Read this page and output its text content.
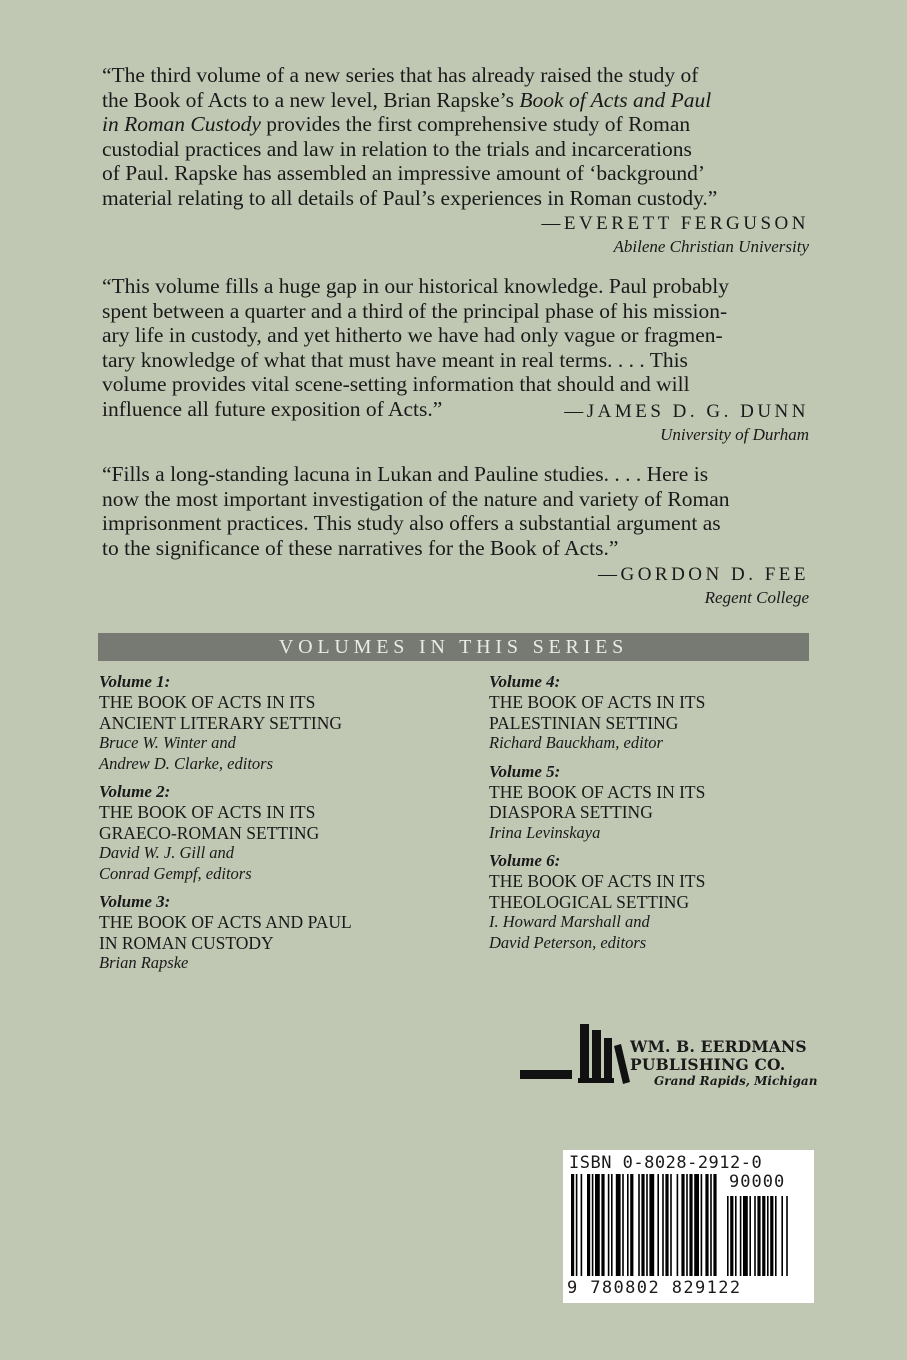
“The third volume of a new series that has already raised the study of
the Book of Acts to a new level, Brian Rapske’s Book of Acts and Paul
in Roman Custody provides the first comprehensive study of Roman
custodial practices and law in relation to the trials and incarcerations
of Paul. Rapske has assembled an impressive amount of ‘background’
material relating to all details of Paul’s experiences in Roman custody.”
—EVERETT FERGUSON
Abilene Christian University
“This volume fills a huge gap in our historical knowledge. Paul probably
spent between a quarter and a third of the principal phase of his mission-
ary life in custody, and yet hitherto we have had only vague or fragmen-
tary knowledge of what that must have meant in real terms. . . . This
volume provides vital scene-setting information that should and will
influence all future exposition of Acts.”	—JAMES D. G. DUNN
University of Durham
“Fills a long-standing lacuna in Lukan and Pauline studies. . . . Here is
now the most important investigation of the nature and variety of Roman
imprisonment practices. This study also offers a substantial argument as
to the significance of these narratives for the Book of Acts.”
—GORDON D. FEE
Regent College
VOLUMES IN THIS SERIES
Volume 1:
THE BOOK OF ACTS IN ITS
ANCIENT LITERARY SETTING
Bruce W. Winter and
Andrew D. Clarke, editors
Volume 2:
THE BOOK OF ACTS IN ITS
GRAECO-ROMAN SETTING
David W. J. Gill and
Conrad Gempf, editors
Volume 3:
THE BOOK OF ACTS AND PAUL
IN ROMAN CUSTODY
Brian Rapske
Volume 4:
THE BOOK OF ACTS IN ITS
PALESTINIAN SETTING
Richard Bauckham, editor
Volume 5:
THE BOOK OF ACTS IN ITS
DIASPORA SETTING
Irina Levinskaya
Volume 6:
THE BOOK OF ACTS IN ITS
THEOLOGICAL SETTING
I. Howard Marshall and
David Peterson, editors
WM. B. EERDMANS
PUBLISHING CO.
Grand Rapids, Michigan
ISBN 0-8028-2912-0
90000
9 780802 829122
